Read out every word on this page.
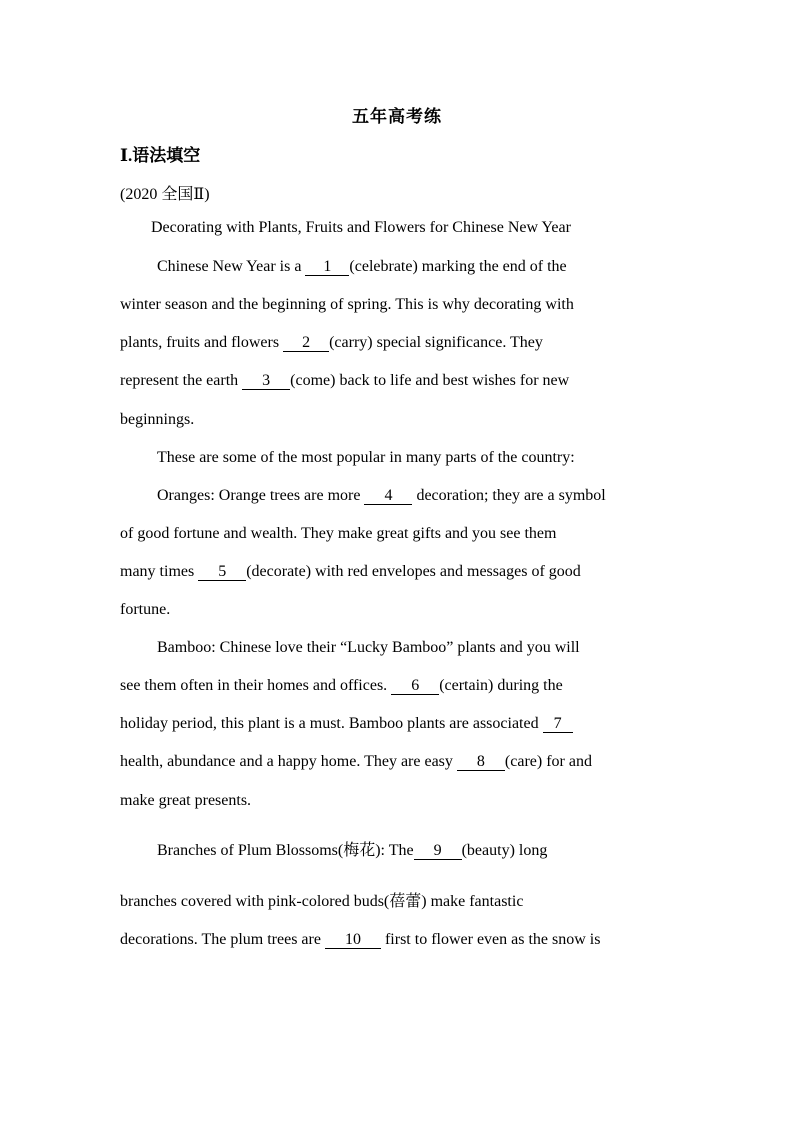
五年高考练
Ⅰ.语法填空
(2020 全国Ⅱ)
Decorating with Plants, Fruits and Flowers for Chinese New Year
Chinese New Year is a 1 (celebrate) marking the end of the
winter season and the beginning of spring. This is why decorating with
plants, fruits and flowers 2 (carry) special significance. They
represent the earth 3 (come) back to life and best wishes for new
beginnings.
These are some of the most popular in many parts of the country:
Oranges: Orange trees are more 4 decoration; they are a symbol
of good fortune and wealth. They make great gifts and you see them
many times 5 (decorate) with red envelopes and messages of good
fortune.
Bamboo: Chinese love their “Lucky Bamboo” plants and you will
see them often in their homes and offices. 6 (certain) during the
holiday period, this plant is a must. Bamboo plants are associated 7
health, abundance and a happy home. They are easy 8 (care) for and
make great presents.
Branches of Plum Blossoms(梅花): The 9 (beauty) long
branches covered with pink-colored buds(蓓蕾) make fantastic
decorations. The plum trees are 10 first to flower even as the snow is
